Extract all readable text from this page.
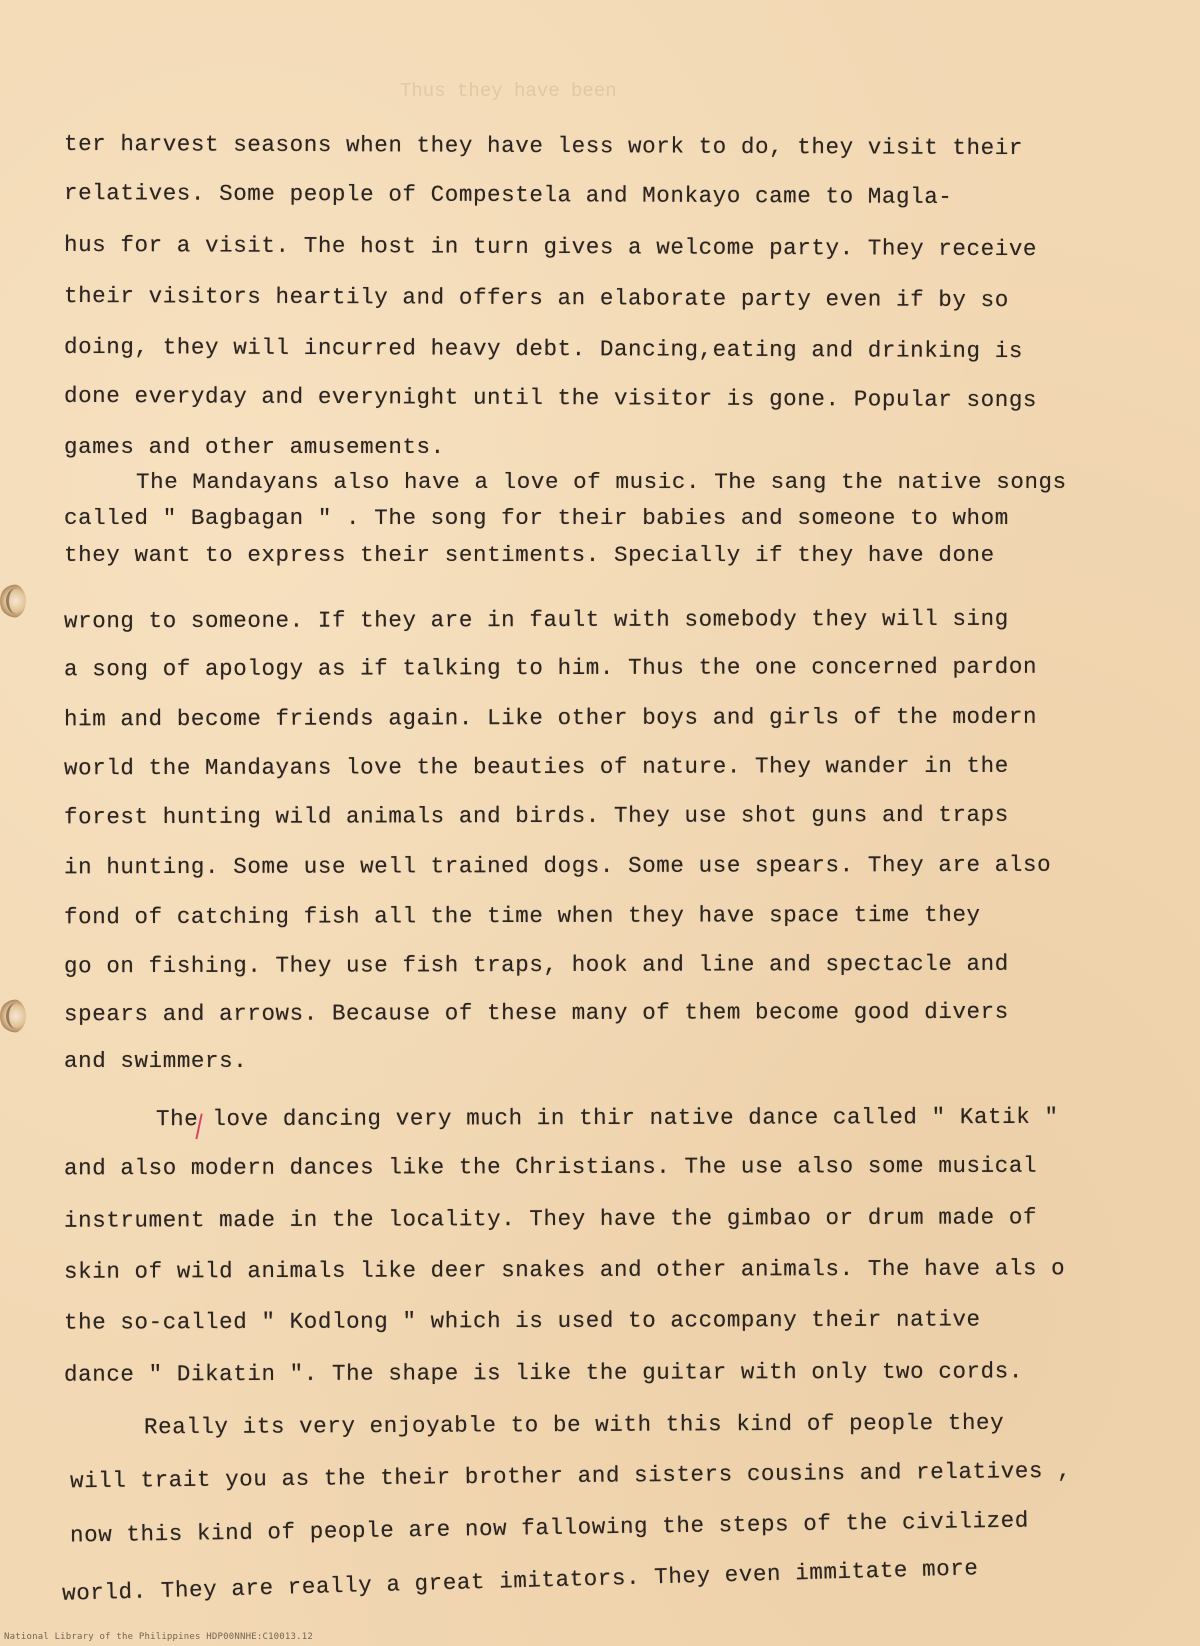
Thus they have been
ter harvest seasons when they have less work to do, they visit their
relatives. Some people of Compestela and Monkayo came to Magla-
hus for a visit. The host in turn gives a welcome party. They receive
their visitors heartily and offers an elaborate party even if by so
doing, they will incurred heavy debt. Dancing,eating and drinking is
done everyday and everynight until the visitor is gone. Popular songs
games and other amusements.
The Mandayans also have a love of music. The sang the native songs
called " Bagbagan " . The song for their babies and someone to whom
they want to express their sentiments. Specially if they have done
wrong to someone. If they are in fault with somebody they will sing
a song of apology as if talking to him. Thus the one concerned pardon
him and become friends again. Like other boys and girls of the modern
world the Mandayans love the beauties of nature. They wander in the
forest hunting wild animals and birds. They use shot guns and traps
in hunting. Some use well trained dogs. Some use spears. They are also
fond of catching fish all the time when they have space time they
go on fishing. They use fish traps, hook and line and spectacle and
spears and arrows. Because of these many of them become good divers
and swimmers.
The love dancing very much in thir native dance called " Katik "
and also modern dances like the Christians. The use also some musical
instrument made in the locality. They have the gimbao or drum made of
skin of wild animals like deer snakes and other animals. The have als o
the so-called " Kodlong " which is used to accompany their native
dance " Dikatin ". The shape is like the guitar with only two cords.
Really its very enjoyable to be with this kind of people they
will trait you as the their brother and sisters cousins and relatives ,
now this kind of people are now fallowing the steps of the civilized
world. They are really a great imitators. They even immitate more
National Library of the Philippines HDP00NNHE:C10013.12
